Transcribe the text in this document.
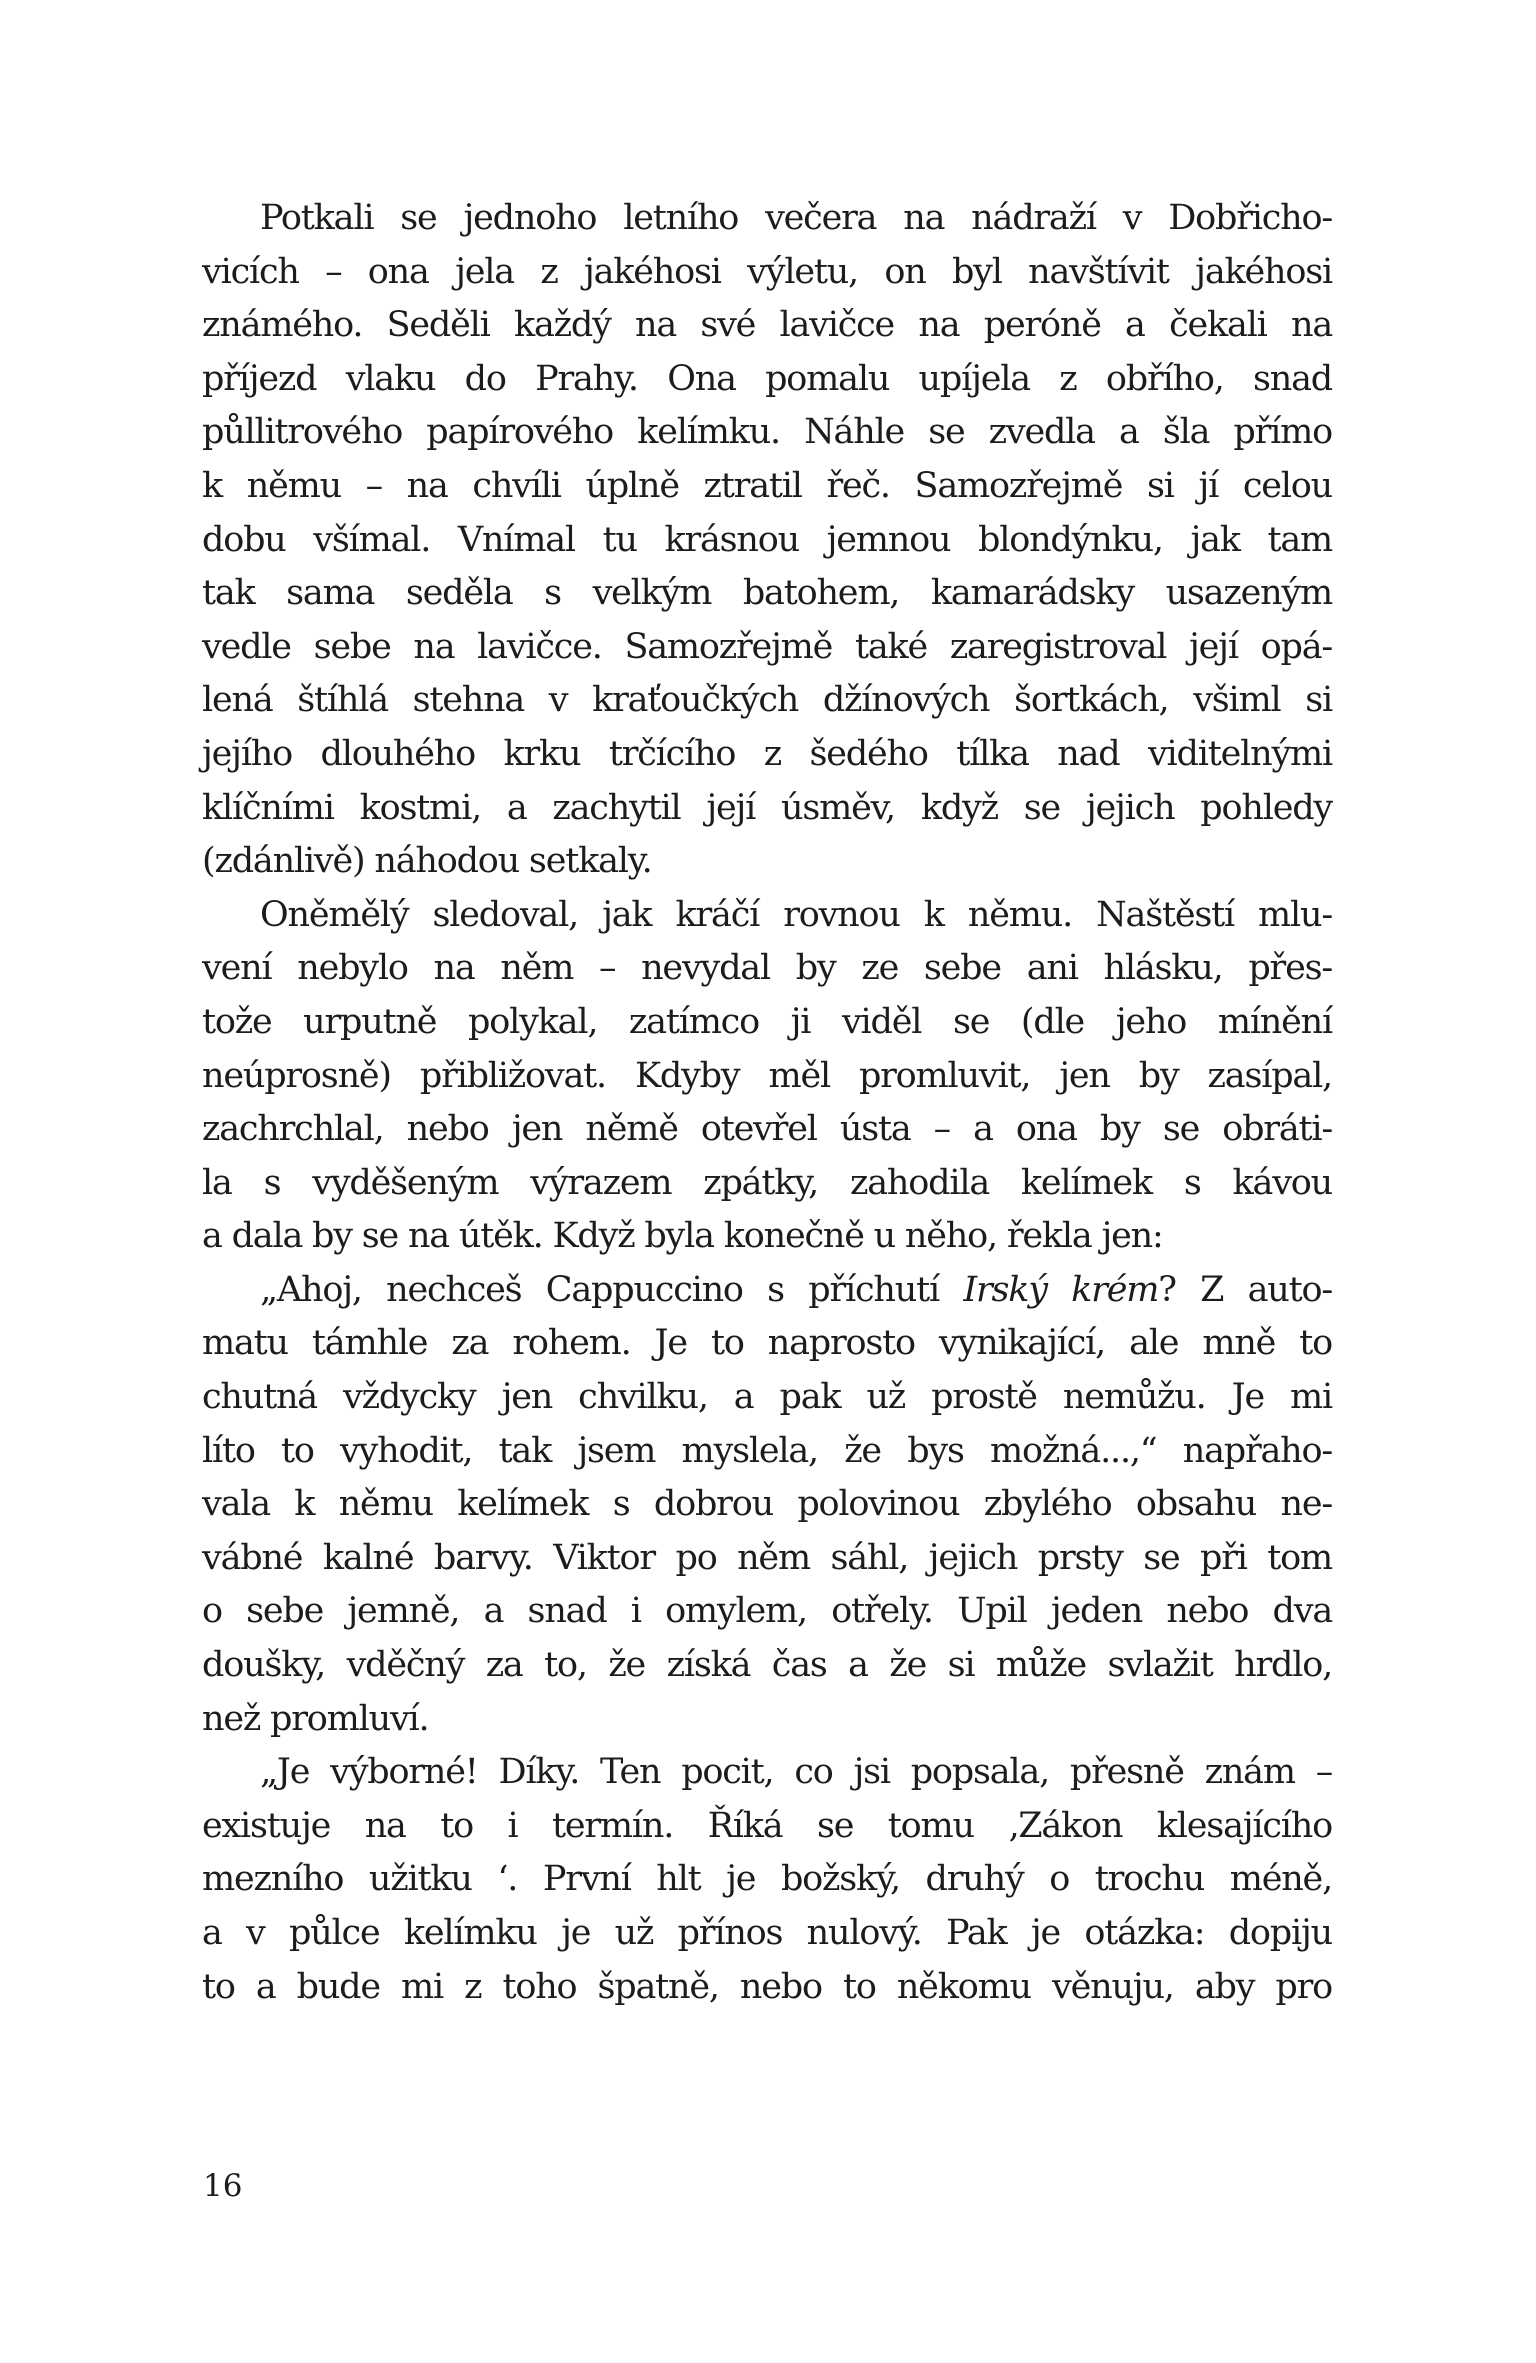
Potkali se jednoho letního večera na nádraží v Dobřicho-
vicích – ona jela z jakéhosi výletu, on byl navštívit jakéhosi
známého. Seděli každý na své lavičce na peróně a čekali na
příjezd vlaku do Prahy. Ona pomalu upíjela z obřího, snad
půllitrového papírového kelímku. Náhle se zvedla a šla přímo
k němu – na chvíli úplně ztratil řeč. Samozřejmě si jí celou
dobu všímal. Vnímal tu krásnou jemnou blondýnku, jak tam
tak sama seděla s velkým batohem, kamarádsky usazeným
vedle sebe na lavičce. Samozřejmě také zaregistroval její opá-
lená štíhlá stehna v kraťoučkých džínových šortkách, všiml si
jejího dlouhého krku trčícího z šedého tílka nad viditelnými
klíčními kostmi, a zachytil její úsměv, když se jejich pohledy
(zdánlivě) náhodou setkaly.
Oněmělý sledoval, jak kráčí rovnou k němu. Naštěstí mlu-
vení nebylo na něm – nevydal by ze sebe ani hlásku, přes-
tože urputně polykal, zatímco ji viděl se (dle jeho mínění
neúprosně) přibližovat. Kdyby měl promluvit, jen by zasípal,
zachrchlal, nebo jen němě otevřel ústa – a ona by se obráti-
la s vyděšeným výrazem zpátky, zahodila kelímek s kávou
a dala by se na útěk. Když byla konečně u něho, řekla jen:
„Ahoj, nechceš Cappuccino s příchutí Irský krém? Z auto-
matu támhle za rohem. Je to naprosto vynikající, ale mně to
chutná vždycky jen chvilku, a pak už prostě nemůžu. Je mi
líto to vyhodit, tak jsem myslela, že bys možná...,“ napřaho-
vala k němu kelímek s dobrou polovinou zbylého obsahu ne-
vábné kalné barvy. Viktor po něm sáhl, jejich prsty se při tom
o sebe jemně, a snad i omylem, otřely. Upil jeden nebo dva
doušky, vděčný za to, že získá čas a že si může svlažit hrdlo,
než promluví.
„Je výborné! Díky. Ten pocit, co jsi popsala, přesně znám –
existuje na to i termín. Říká se tomu ‚Zákon klesajícího
mezního užitku ‘. První hlt je božský, druhý o trochu méně,
a v půlce kelímku je už přínos nulový. Pak je otázka: dopiju
to a bude mi z toho špatně, nebo to někomu věnuju, aby pro
16
